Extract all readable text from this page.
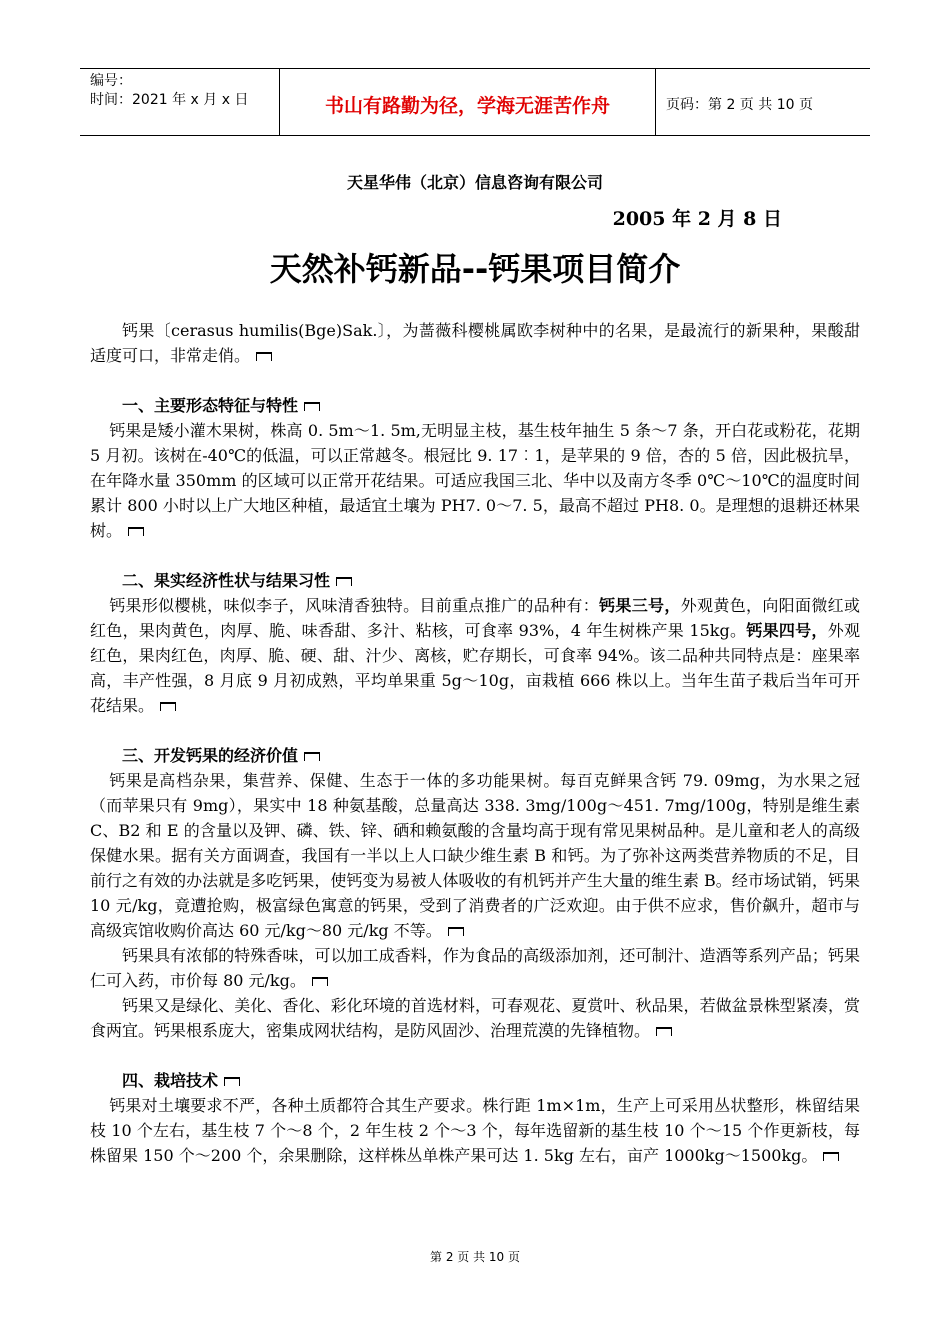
编号：
时间：2021 年 x 月 x 日	书山有路勤为径，学海无涯苦作舟	页码：第 2 页 共 10 页
天星华伟（北京）信息咨询有限公司
2005 年 2 月 8 日
天然补钙新品--钙果项目简介

钙果〔cerasus humilis(Bge)Sak.〕，为蔷薇科樱桃属欧李树种中的名果，是最流行的新果种，果酸甜适度可口，非常走俏。

一、主要形态特征与特性

钙果是矮小灌木果树，株高 0. 5m～1. 5m,无明显主枝，基生枝年抽生 5 条～7 条，开白花或粉花，花期 5 月初。该树在-40℃的低温，可以正常越冬。根冠比 9. 17︰1，是苹果的 9 倍，杏的 5 倍，因此极抗旱，在年降水量 350mm 的区域可以正常开花结果。可适应我国三北、华中以及南方冬季 0℃～10℃的温度时间累计 800 小时以上广大地区种植，最适宜土壤为 PH7. 0～7. 5，最高不超过 PH8. 0。是理想的退耕还林果树。

二、果实经济性状与结果习性

钙果形似樱桃，味似李子，风味清香独特。目前重点推广的品种有：钙果三号，外观黄色，向阳面微红或红色，果肉黄色，肉厚、脆、味香甜、多汁、粘核，可食率 93%，4 年生树株产果 15kg。钙果四号，外观红色，果肉红色，肉厚、脆、硬、甜、汁少、离核，贮存期长，可食率 94%。该二品种共同特点是：座果率高，丰产性强，8 月底 9 月初成熟，平均单果重 5g～10g，亩栽植 666 株以上。当年生苗子栽后当年可开花结果。

三、开发钙果的经济价值

钙果是高档杂果，集营养、保健、生态于一体的多功能果树。每百克鲜果含钙 79. 09mg，为水果之冠（而苹果只有 9mg），果实中 18 种氨基酸，总量高达 338. 3mg/100g～451. 7mg/100g，特别是维生素 C、B2 和 E 的含量以及钾、磷、铁、锌、硒和赖氨酸的含量均高于现有常见果树品种。是儿童和老人的高级保健水果。据有关方面调查，我国有一半以上人口缺少维生素 B 和钙。为了弥补这两类营养物质的不足，目前行之有效的办法就是多吃钙果，使钙变为易被人体吸收的有机钙并产生大量的维生素 B。经市场试销，钙果 10 元/kg，竟遭抢购，极富绿色寓意的钙果，受到了消费者的广泛欢迎。由于供不应求，售价飙升，超市与高级宾馆收购价高达 60 元/kg～80 元/kg 不等。

钙果具有浓郁的特殊香味，可以加工成香料，作为食品的高级添加剂，还可制汁、造酒等系列产品；钙果仁可入药，市价每 80 元/kg。

钙果又是绿化、美化、香化、彩化环境的首选材料，可春观花、夏赏叶、秋品果，若做盆景株型紧凑，赏食两宜。钙果根系庞大，密集成网状结构，是防风固沙、治理荒漠的先锋植物。

四、栽培技术

钙果对土壤要求不严，各种土质都符合其生产要求。株行距 1m×1m，生产上可采用丛状整形，株留结果枝 10 个左右，基生枝 7 个～8 个，2 年生枝 2 个～3 个，每年选留新的基生枝 10 个～15 个作更新枝，每株留果 150 个～200 个，余果删除，这样株丛单株产果可达 1. 5kg 左右，亩产 1000kg～1500kg。

第 2 页 共 10 页
